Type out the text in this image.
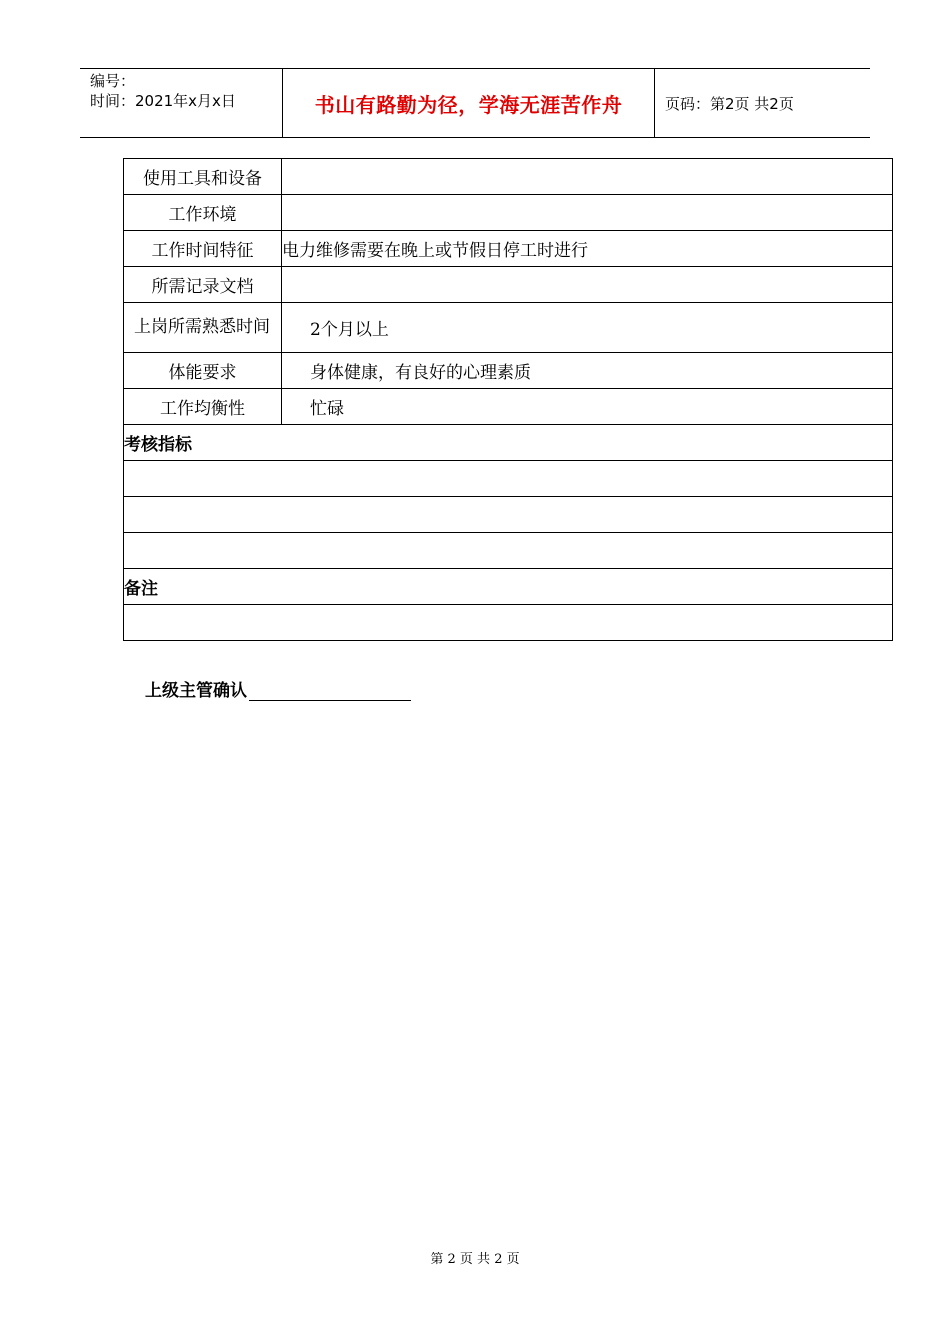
编号：
时间：2021年x月x日	书山有路勤为径，学海无涯苦作舟	页码：第2页 共2页
使用工具和设备	
工作环境	
工作时间特征	电力维修需要在晚上或节假日停工时进行
所需记录文档	
上岗所需熟悉时间	2个月以上
体能要求	身体健康，有良好的心理素质
工作均衡性	忙碌
考核指标	

备注	

上级主管确认
第 2 页 共 2 页
